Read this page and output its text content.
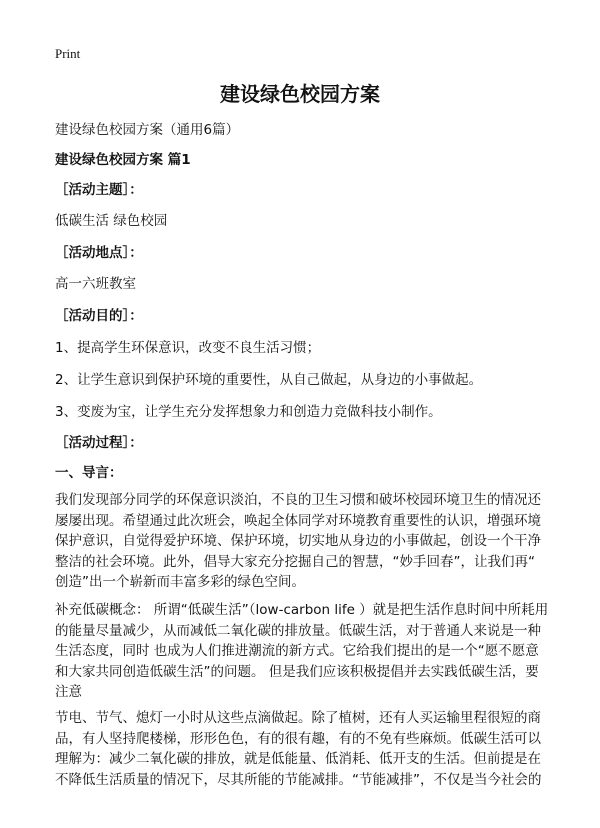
Print
建设绿色校园方案
建设绿色校园方案（通用6篇）
建设绿色校园方案 篇1
［活动主题］：
低碳生活 绿色校园
［活动地点］：
高一六班教室
［活动目的］：
1、提高学生环保意识，改变不良生活习惯；
2、让学生意识到保护环境的重要性，从自己做起，从身边的小事做起。
3、变废为宝，让学生充分发挥想象力和创造力竞做科技小制作。
［活动过程］：
一、导言：
我们发现部分同学的环保意识淡泊，不良的卫生习惯和破坏校园环境卫生的情况还
屡屡出现。希望通过此次班会，唤起全体同学对环境教育重要性的认识，增强环境
保护意识，自觉得爱护环境、保护环境，切实地从身边的小事做起，创设一个干净
整洁的社会环境。此外，倡导大家充分挖掘自己的智慧，“妙手回春”，让我们再“
创造”出一个崭新而丰富多彩的绿色空间。
补充低碳概念： 所谓“低碳生活”（low-carbon life ）就是把生活作息时间中所耗用
的能量尽量减少，从而减低二氧化碳的排放量。低碳生活，对于普通人来说是一种
生活态度，同时 也成为人们推进潮流的新方式。它给我们提出的是一个“愿不愿意
和大家共同创造低碳生活”的问题。 但是我们应该积极提倡并去实践低碳生活，要
注意
节电、节气、熄灯一小时从这些点滴做起。除了植树，还有人买运输里程很短的商
品，有人坚持爬楼梯，形形色色，有的很有趣，有的不免有些麻烦。低碳生活可以
理解为：减少二氧化碳的排放，就是低能量、低消耗、低开支的生活。但前提是在
不降低生活质量的情况下，尽其所能的节能减排。“节能减排”，不仅是当今社会的
